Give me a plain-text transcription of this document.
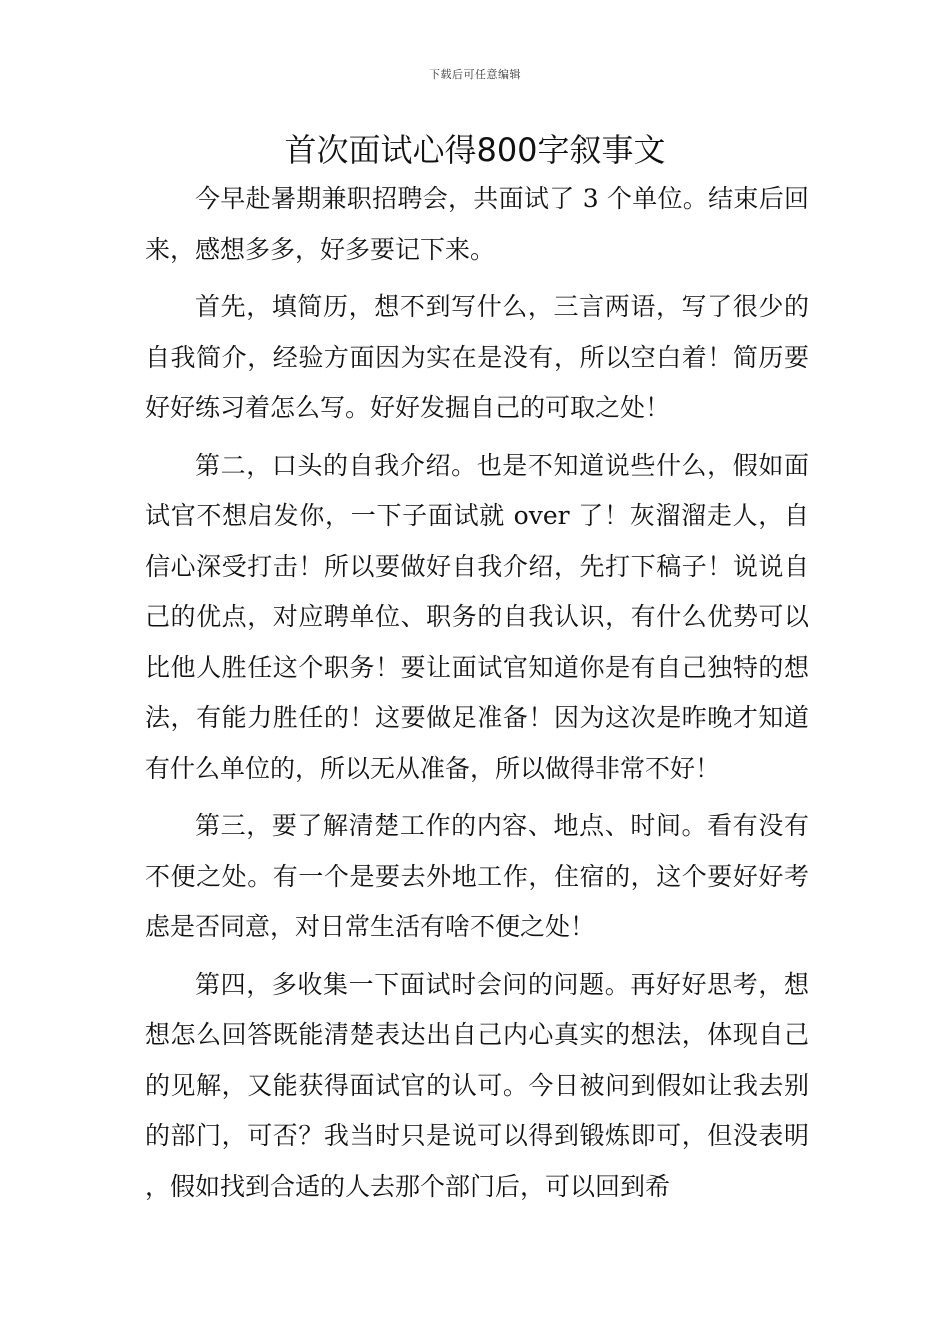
下载后可任意编辑
首次面试心得800字叙事文

今早赴暑期兼职招聘会，共面试了 3 个单位。结束后回来，感想多多，好多要记下来。

首先，填简历，想不到写什么，三言两语，写了很少的自我简介，经验方面因为实在是没有，所以空白着！简历要好好练习着怎么写。好好发掘自己的可取之处！

第二，口头的自我介绍。也是不知道说些什么，假如面试官不想启发你，一下子面试就 over 了！灰溜溜走人，自信心深受打击！所以要做好自我介绍，先打下稿子！说说自己的优点，对应聘单位、职务的自我认识，有什么优势可以比他人胜任这个职务！要让面试官知道你是有自己独特的想法，有能力胜任的！这要做足准备！因为这次是昨晚才知道有什么单位的，所以无从准备，所以做得非常不好！

第三，要了解清楚工作的内容、地点、时间。看有没有不便之处。有一个是要去外地工作，住宿的，这个要好好考虑是否同意，对日常生活有啥不便之处！

第四，多收集一下面试时会问的问题。再好好思考，想想怎么回答既能清楚表达出自己内心真实的想法，体现自己的见解，又能获得面试官的认可。今日被问到假如让我去别的部门，可否？我当时只是说可以得到锻炼即可，但没表明，假如找到合适的人去那个部门后，可以回到希
